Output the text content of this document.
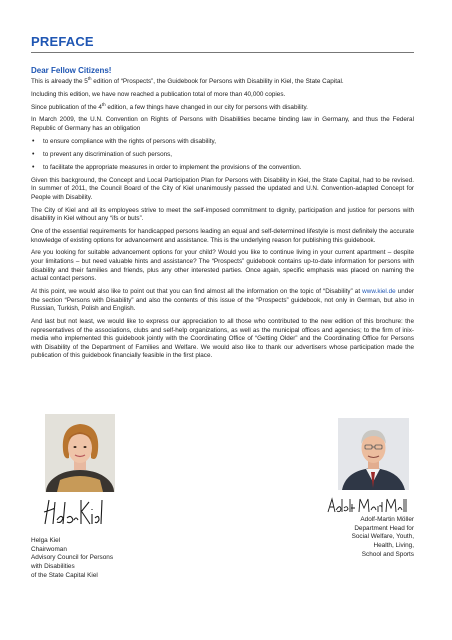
PREFACE
Dear Fellow Citizens!

This is already the 5th edition of “Prospects”, the Guidebook for Persons with Disability in Kiel, the State Capital.

Including this edition, we have now reached a publication total of more than 40,000 copies.

Since publication of the 4th edition, a few things have changed in our city for persons with disability.

In March 2009, the U.N. Convention on Rights of Persons with Disabilities became binding law in Germany, and thus the Federal Republic of Germany has an obligation

• to ensure compliance with the rights of persons with disability,
• to prevent any discrimination of such persons,
• to facilitate the appropriate measures in order to implement the provisions of the convention.

Given this background, the Concept and Local Participation Plan for Persons with Disability in Kiel, the State Capital, had to be revised. In summer of 2011, the Council Board of the City of Kiel unanimously passed the updated and U.N. Convention-adapted Concept for People with Disability.

The City of Kiel and all its employees strive to meet the self-imposed commitment to dignity, participation and justice for persons with disability in Kiel without any “ifs or buts”.

One of the essential requirements for handicapped persons leading an equal and self-determined lifestyle is most definitely the accurate knowledge of existing options for advancement and assistance. This is the underlying reason for publishing this guidebook.

Are you looking for suitable advancement options for your child? Would you like to continue living in your current apartment – despite your limitations – but need valuable hints and assistance? The “Prospects” guidebook contains up-to-date information for persons with disability and their families and friends, plus any other interested parties. Once again, specific emphasis was placed on naming the actual contact persons.

At this point, we would also like to point out that you can find almost all the information on the topic of “Disability” at www.kiel.de under the section “Persons with Disability” and also the contents of this issue of the “Prospects” guidebook, not only in German, but also in Russian, Turkish, Polish and English.

And last but not least, we would like to express our appreciation to all those who contributed to the new edition of this brochure: the representatives of the associations, clubs and self-help organizations, as well as the municipal offices and agencies; to the firm of inix-media who implemented this guidebook jointly with the Coordinating Office of “Getting Older” and the Coordinating Office for Persons with Disability of the Department of Families and Welfare. We would also like to thank our advertisers whose participation made the publication of this guidebook financially feasible in the first place.

Helga Kiel
Chairwoman
Advisory Council for Persons
with Disabilities
of the State Capital Kiel
Adolf-Martin Möller
Department Head for
Social Welfare, Youth,
Health, Living,
School and Sports
